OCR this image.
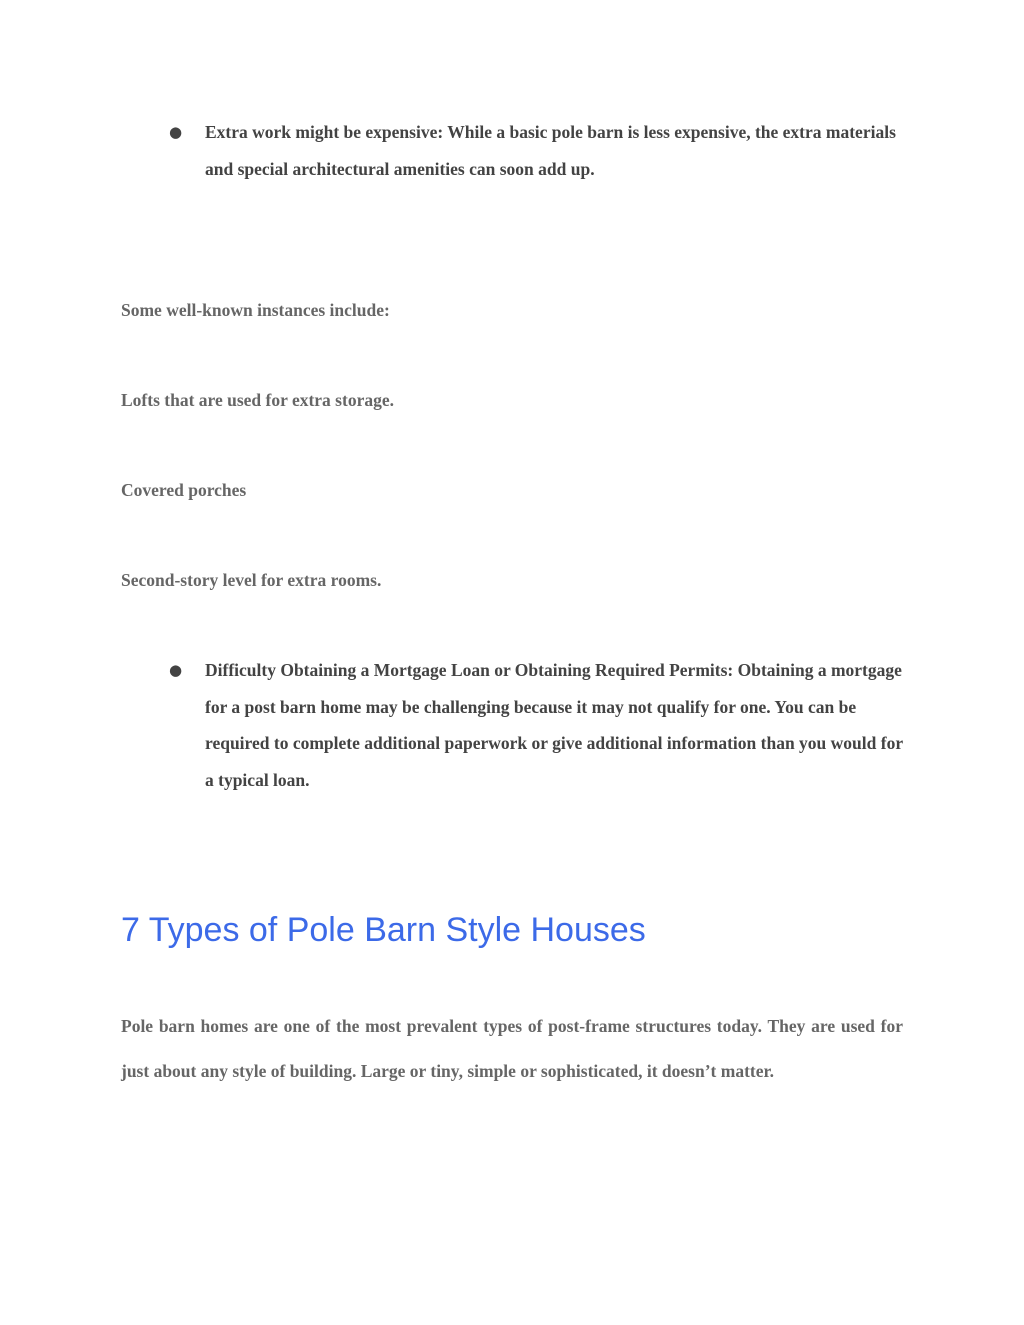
● Extra work might be expensive: While a basic pole barn is less expensive, the extra materials and special architectural amenities can soon add up.

Some well-known instances include:

Lofts that are used for extra storage.

Covered porches

Second-story level for extra rooms.

● Difficulty Obtaining a Mortgage Loan or Obtaining Required Permits: Obtaining a mortgage for a post barn home may be challenging because it may not qualify for one. You can be required to complete additional paperwork or give additional information than you would for a typical loan.
7 Types of Pole Barn Style Houses

Pole barn homes are one of the most prevalent types of post-frame structures today. They are used for just about any style of building. Large or tiny, simple or sophisticated, it doesn’t matter.
